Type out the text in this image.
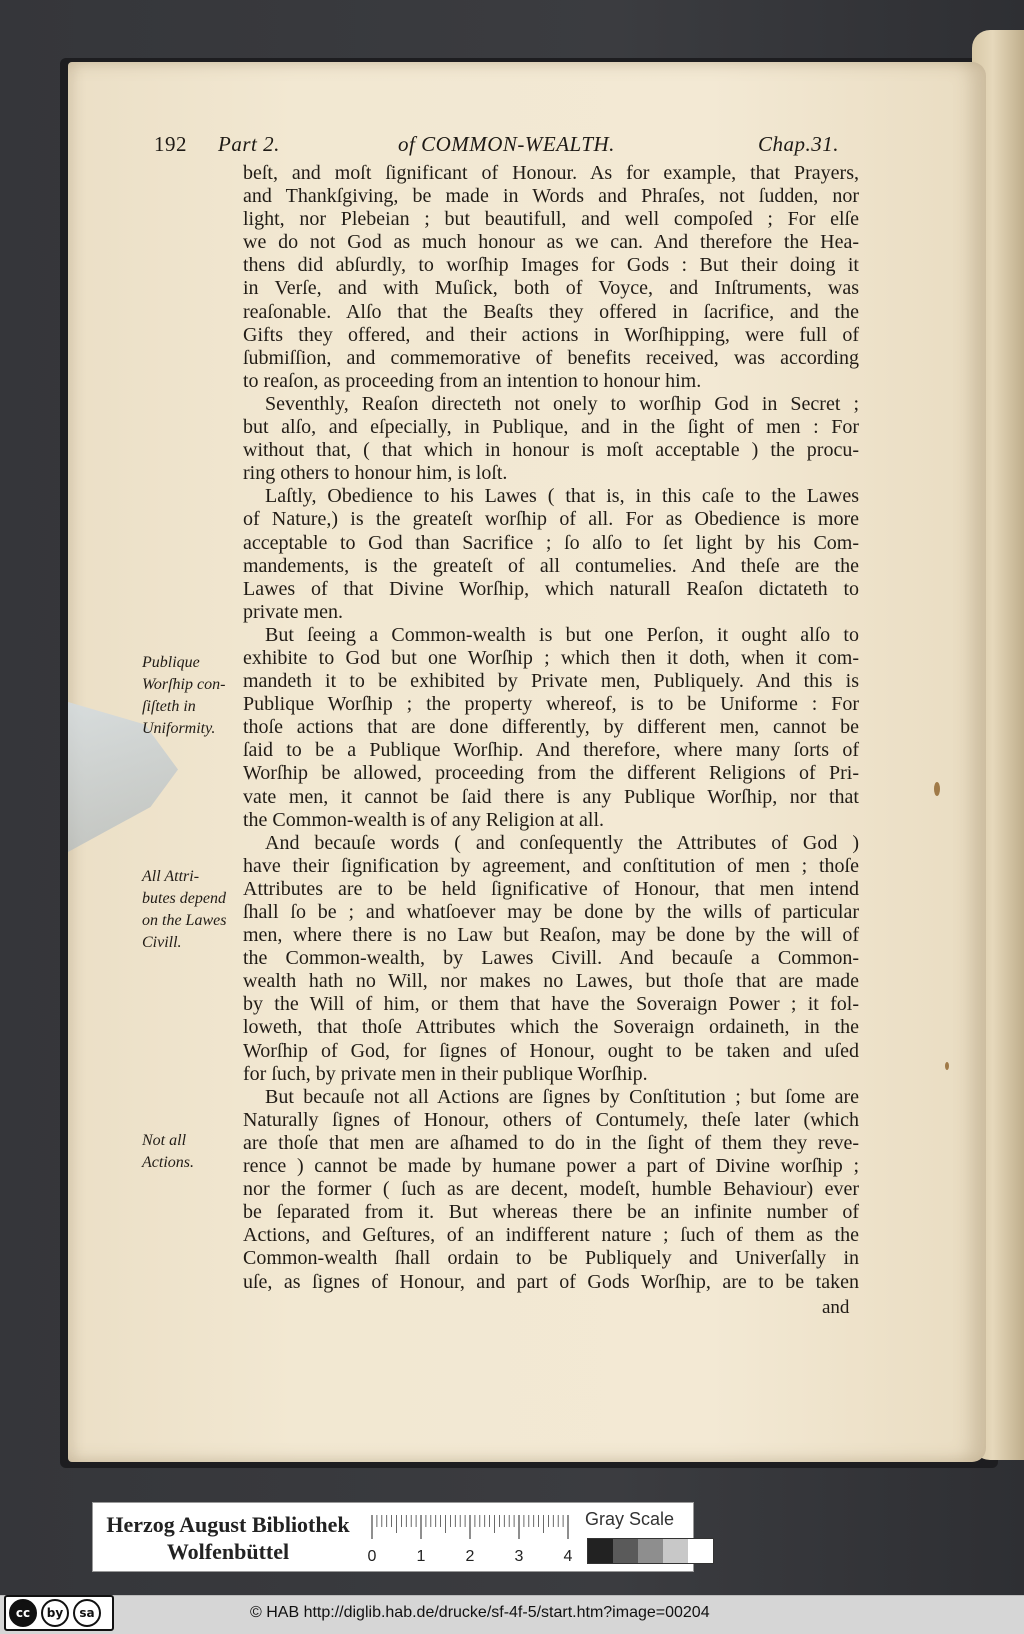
192 Part 2.	of COMMON-WEALTH.	Chap.31.
beſt, and moſt ſignificant of Honour. As for example, that Prayers,
and Thankſgiving, be made in Words and Phraſes, not ſudden, nor
light, nor Plebeian ; but beautifull, and well compoſed ; For elſe
we do not God as much honour as we can. And therefore the Hea-
thens did abſurdly, to worſhip Images for Gods : But their doing it
in Verſe, and with Muſick, both of Voyce, and Inſtruments, was
reaſonable. Alſo that the Beaſts they offered in ſacrifice, and the
Gifts they offered, and their actions in Worſhipping, were full of
ſubmiſſion, and commemorative of benefits received, was according
to reaſon, as proceeding from an intention to honour him.
Seventhly, Reaſon directeth not onely to worſhip God in Secret ;
but alſo, and eſpecially, in Publique, and in the ſight of men : For
without that, ( that which in honour is moſt acceptable ) the procu-
ring others to honour him, is loſt.
Laſtly, Obedience to his Lawes ( that is, in this caſe to the Lawes
of Nature,) is the greateſt worſhip of all. For as Obedience is more
acceptable to God than Sacrifice ; ſo alſo to ſet light by his Com-
mandements, is the greateſt of all contumelies. And theſe are the
Lawes of that Divine Worſhip, which naturall Reaſon dictateth to
private men.
But ſeeing a Common-wealth is but one Perſon, it ought alſo to
exhibite to God but one Worſhip ; which then it doth, when it com-
mandeth it to be exhibited by Private men, Publiquely. And this is
Publique Worſhip ; the property whereof, is to be Uniforme : For
thoſe actions that are done differently, by different men, cannot be
ſaid to be a Publique Worſhip. And therefore, where many ſorts of
Worſhip be allowed, proceeding from the different Religions of Pri-
vate men, it cannot be ſaid there is any Publique Worſhip, nor that
the Common-wealth is of any Religion at all.
And becauſe words ( and conſequently the Attributes of God )
have their ſignification by agreement, and conſtitution of men ; thoſe
Attributes are to be held ſignificative of Honour, that men intend
ſhall ſo be ; and whatſoever may be done by the wills of particular
men, where there is no Law but Reaſon, may be done by the will of
the Common-wealth, by Lawes Civill. And becauſe a Common-
wealth hath no Will, nor makes no Lawes, but thoſe that are made
by the Will of him, or them that have the Soveraign Power ; it fol-
loweth, that thoſe Attributes which the Soveraign ordaineth, in the
Worſhip of God, for ſignes of Honour, ought to be taken and uſed
for ſuch, by private men in their publique Worſhip.
But becauſe not all Actions are ſignes by Conſtitution ; but ſome are
Naturally ſignes of Honour, others of Contumely, theſe later (which
are thoſe that men are aſhamed to do in the ſight of them they reve-
rence ) cannot be made by humane power a part of Divine worſhip ;
nor the former ( ſuch as are decent, modeſt, humble Behaviour) ever
be ſeparated from it. But whereas there be an infinite number of
Actions, and Geſtures, of an indifferent nature ; ſuch of them as the
Common-wealth ſhall ordain to be Publiquely and Univerſally in
uſe, as ſignes of Honour, and part of Gods Worſhip, are to be taken
and
Publique
Worſhip con-
ſiſteth in
Uniformity.
All Attri-
butes depend
on the Lawes
Civill.
Not all
Actions.
Herzog August Bibliothek
Wolfenbüttel	0	1	2	3	4
Gray Scale
cc	by	sa	© HAB http://diglib.hab.de/drucke/sf-4f-5/start.htm?image=00204
